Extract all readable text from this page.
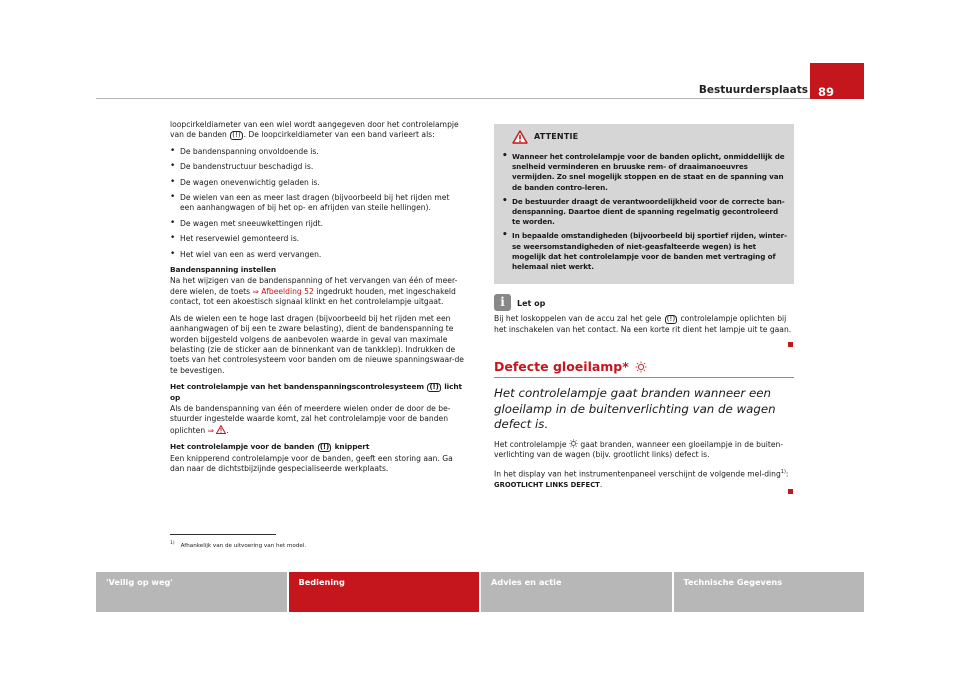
Bestuurdersplaats 89

loopcirkeldiameter van een wiel wordt aangegeven door het controlelampje van de banden (!) . De loopcirkeldiameter van een band varieert als:

• De bandenspanning onvoldoende is.
• De bandenstructuur beschadigd is.
• De wagen onevenwichtig geladen is.
• De wielen van een as meer last dragen (bijvoorbeeld bij het rijden met een aanhangwagen of bij het op- en afrijden van steile hellingen).
• De wagen met sneeuwkettingen rijdt.
• Het reservewiel gemonteerd is.
• Het wiel van een as werd vervangen.
Bandenspanning instellen

Na het wijzigen van de bandenspanning of het vervangen van één of meer-dere wielen, de toets ⇒ Afbeelding 52 ingedrukt houden, met ingeschakeld contact, tot een akoestisch signaal klinkt en het controlelampje uitgaat.

Als de wielen een te hoge last dragen (bijvoorbeeld bij het rijden met een aanhangwagen of bij een te zware belasting), dient de bandenspanning te worden bijgesteld volgens de aanbevolen waarde in geval van maximale belasting (zie de sticker aan de binnenkant van de tankklep). Indrukken de toets van het controlesysteem voor banden om de nieuwe spanningswaar-de te bevestigen.

Het controlelampje van het bandenspanningscontrolesysteem (!) licht op

Als de bandenspanning van één of meerdere wielen onder de door de be-stuurder ingestelde waarde komt, zal het controlelampje voor de banden oplichten ⇒ .

Het controlelampje voor de banden (!) knippert

Een knipperend controlelampje voor de banden, geeft een storing aan. Ga dan naar de dichtstbijzijnde gespecialiseerde werkplaats.

ATTENTIE
• Wanneer het controlelampje voor de banden oplicht, onmiddellijk de snelheid verminderen en bruuske rem- of draaimanoeuvres vermijden. Zo snel mogelijk stoppen en de staat en de spanning van de banden contro-leren.
• De bestuurder draagt de verantwoordelijkheid voor de correcte ban-denspanning. Daartoe dient de spanning regelmatig gecontroleerd te worden.
• In bepaalde omstandigheden (bijvoorbeeld bij sportief rijden, winter-se weersomstandigheden of niet-geasfalteerde wegen) is het mogelijk dat het controlelampje voor de banden met vertraging of helemaal niet werkt.
i	Let op

Bij het loskoppelen van de accu zal het gele (!) controlelampje oplichten bij het inschakelen van het contact. Na een korte rit dient het lampje uit te gaan.

Defecte gloeilamp*
Het controlelampje gaat branden wanneer een gloeilamp in de buitenverlichting van de wagen defect is.

Het controlelampje gaat branden, wanneer een gloeilampje in de buiten-verlichting van de wagen (bijv. grootlicht links) defect is.

In het display van het instrumentenpaneel verschijnt de volgende mel-ding$^{1)}$: GROOTLICHT LINKS DEFECT.

$^{1)}$ Afhankelijk van de uitvoering van het model.
'Veilig op weg'	Bediening	Advies en actie	Technische Gegevens
